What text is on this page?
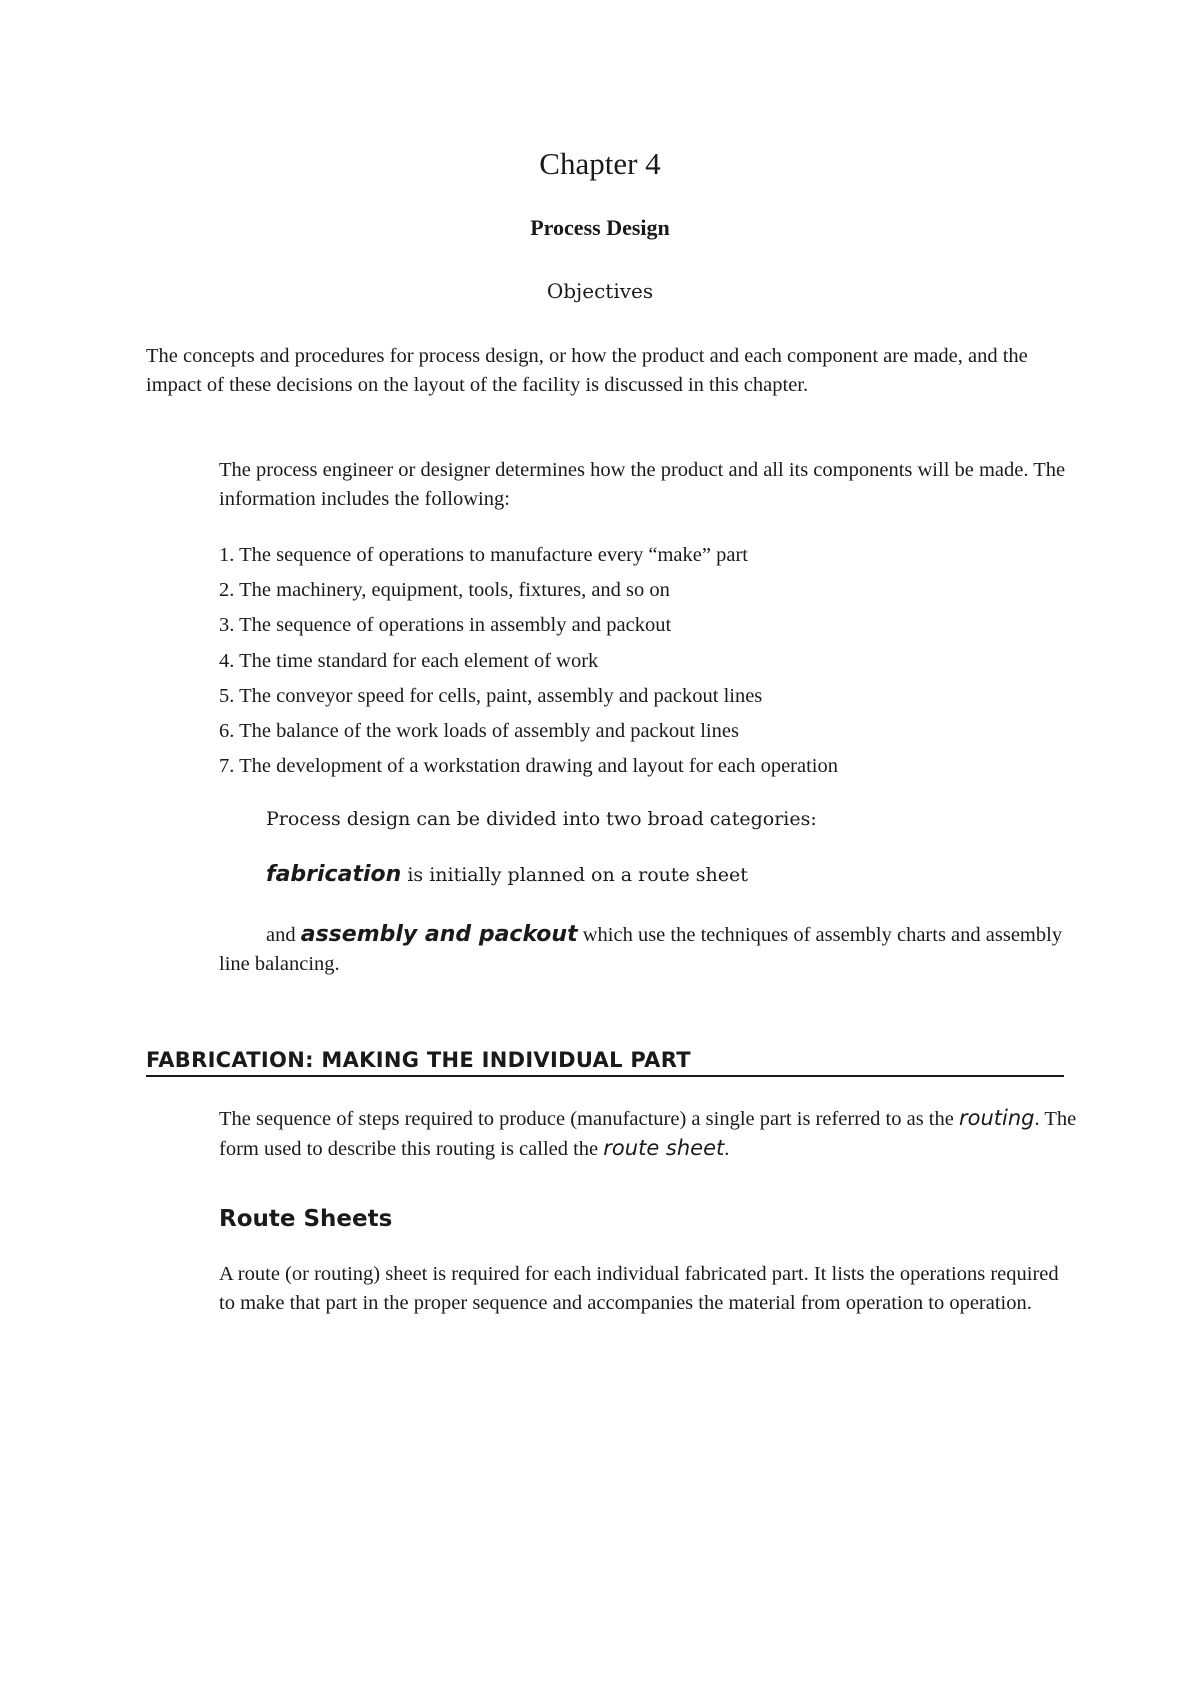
Chapter 4
Process Design
Objectives
The concepts and procedures for process design, or how the product and each component are made, and the impact of these decisions on the layout of the facility is discussed in this chapter.
The process engineer or designer determines how the product and all its components will be made. The information includes the following:
1. The sequence of operations to manufacture every “make” part
2. The machinery, equipment, tools, fixtures, and so on
3. The sequence of operations in assembly and packout
4. The time standard for each element of work
5. The conveyor speed for cells, paint, assembly and packout lines
6. The balance of the work loads of assembly and packout lines
7. The development of a workstation drawing and layout for each operation
Process design can be divided into two broad categories:
fabrication is initially planned on a route sheet
and assembly and packout which use the techniques of assembly charts and assembly line balancing.
FABRICATION: MAKING THE INDIVIDUAL PART
The sequence of steps required to produce (manufacture) a single part is referred to as the routing. The form used to describe this routing is called the route sheet.
Route Sheets
A route (or routing) sheet is required for each individual fabricated part. It lists the operations required to make that part in the proper sequence and accompanies the material from operation to operation.
